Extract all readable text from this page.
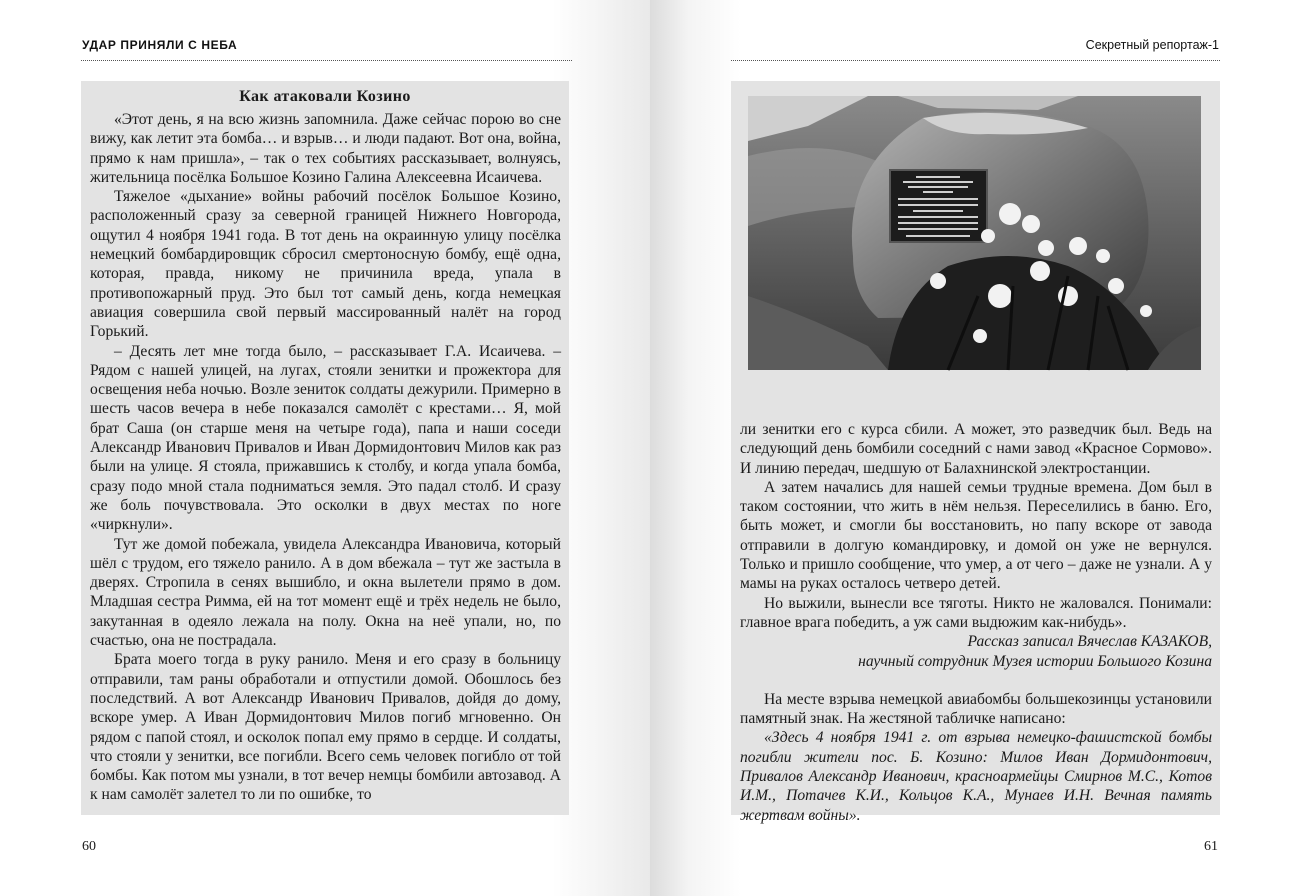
УДАР ПРИНЯЛИ С НЕБА
Как атаковали Козино

«Этот день, я на всю жизнь запомнила. Даже сейчас порою во сне вижу, как летит эта бомба… и взрыв… и люди падают. Вот она, война, прямо к нам пришла», – так о тех событиях рассказывает, волнуясь, жительница посёлка Большое Козино Галина Алексеевна Исаичева.

Тяжелое «дыхание» войны рабочий посёлок Большое Козино, расположенный сразу за северной границей Нижнего Новгорода, ощутил 4 ноября 1941 года. В тот день на окраинную улицу посёлка немецкий бомбардировщик сбросил смертоносную бомбу, ещё одна, которая, правда, никому не причинила вреда, упала в противопожарный пруд. Это был тот самый день, когда немецкая авиация совершила свой первый массированный налёт на город Горький.

– Десять лет мне тогда было, – рассказывает Г.А. Исаичева. – Рядом с нашей улицей, на лугах, стояли зенитки и прожектора для освещения неба ночью. Возле зениток солдаты дежурили. Примерно в шесть часов вечера в небе показался самолёт с крестами… Я, мой брат Саша (он старше меня на четыре года), папа и наши соседи Александр Иванович Привалов и Иван Дормидонтович Милов как раз были на улице. Я стояла, прижавшись к столбу, и когда упала бомба, сразу подо мной стала подниматься земля. Это падал столб. И сразу же боль почувствовала. Это осколки в двух местах по ноге «чиркнули».

Тут же домой побежала, увидела Александра Ивановича, который шёл с трудом, его тяжело ранило. А в дом вбежала – тут же застыла в дверях. Стропила в сенях вышибло, и окна вылетели прямо в дом. Младшая сестра Римма, ей на тот момент ещё и трёх недель не было, закутанная в одеяло лежала на полу. Окна на неё упали, но, по счастью, она не пострадала.

Брата моего тогда в руку ранило. Меня и его сразу в больницу отправили, там раны обработали и отпустили домой. Обошлось без последствий. А вот Александр Иванович Привалов, дойдя до дому, вскоре умер. А Иван Дормидонтович Милов погиб мгновенно. Он рядом с папой стоял, и осколок попал ему прямо в сердце. И солдаты, что стояли у зенитки, все погибли. Всего семь человек погибло от той бомбы. Как потом мы узнали, в тот вечер немцы бомбили автозавод. А к нам самолёт залетел то ли по ошибке, то

60
Секретный репортаж-1

ли зенитки его с курса сбили. А может, это разведчик был. Ведь на следующий день бомбили соседний с нами завод «Красное Сормово». И линию передач, шедшую от Балахнинской электростанции.

А затем начались для нашей семьи трудные времена. Дом был в таком состоянии, что жить в нём нельзя. Переселились в баню. Его, быть может, и смогли бы восстановить, но папу вскоре от завода отправили в долгую командировку, и домой он уже не вернулся. Только и пришло сообщение, что умер, а от чего – даже не узнали. А у мамы на руках осталось четверо детей.

Но выжили, вынесли все тяготы. Никто не жаловался. Понимали: главное врага победить, а уж сами выдюжим как-нибудь».

Рассказ записал Вячеслав КАЗАКОВ,
научный сотрудник Музея истории Большого Козина

На месте взрыва немецкой авиабомбы большекозинцы установили памятный знак. На жестяной табличке написано:

«Здесь 4 ноября 1941 г. от взрыва немецко-фашистской бомбы погибли жители пос. Б. Козино: Милов Иван Дормидонтович, Привалов Александр Иванович, красноармейцы Смирнов М.С., Котов И.М., Потачев К.И., Кольцов К.А., Мунаев И.Н. Вечная память жертвам войны».

61
